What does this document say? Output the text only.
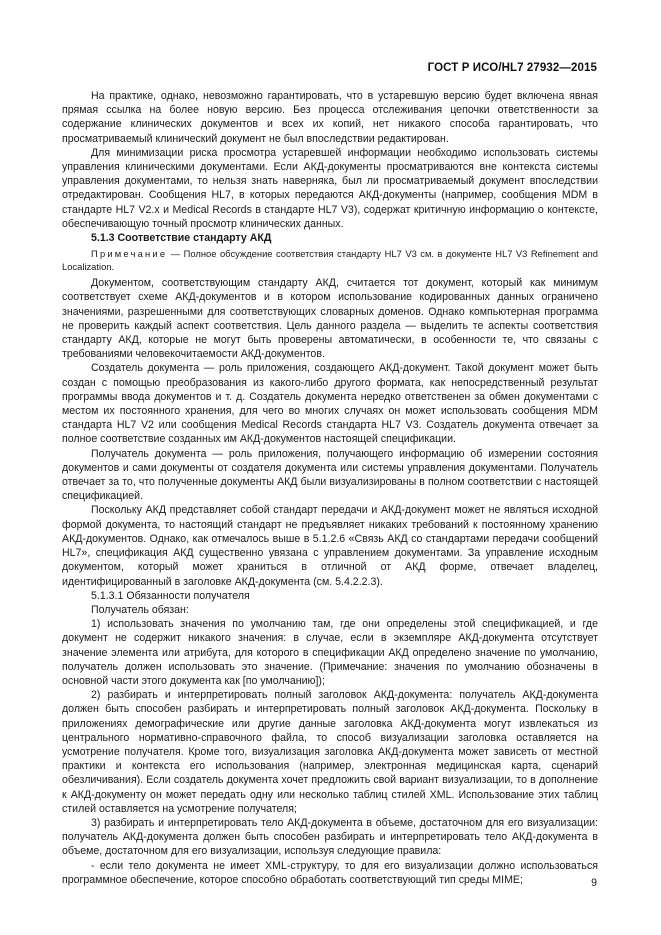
ГОСТ Р ИСО/HL7 27932—2015

На практике, однако, невозможно гарантировать, что в устаревшую версию будет включена явная прямая ссылка на более новую версию. Без процесса отслеживания цепочки ответственности за содержание клинических документов и всех их копий, нет никакого способа гарантировать, что просматриваемый клинический документ не был впоследствии редактирован.

Для минимизации риска просмотра устаревшей информации необходимо использовать системы управления клиническими документами. Если АКД-документы просматриваются вне контекста системы управления документами, то нельзя знать наверняка, был ли просматриваемый документ впоследствии отредактирован. Сообщения HL7, в которых передаются АКД-документы (например, сообщения MDM в стандарте HL7 V2.x и Medical Records в стандарте HL7 V3), содержат критичную информацию о контексте, обеспечивающую точный просмотр клинических данных.

5.1.3 Соответствие стандарту АКД

Примечание — Полное обсуждение соответствия стандарту HL7 V3 см. в документе HL7 V3 Refinement and Localization.

Документом, соответствующим стандарту АКД, считается тот документ, который как минимум соответствует схеме АКД-документов и в котором использование кодированных данных ограничено значениями, разрешенными для соответствующих словарных доменов. Однако компьютерная программа не проверить каждый аспект соответствия. Цель данного раздела — выделить те аспекты соответствия стандарту АКД, которые не могут быть проверены автоматически, в особенности те, что связаны с требованиями человекочитаемости АКД-документов.

Создатель документа — роль приложения, создающего АКД-документ. Такой документ может быть создан с помощью преобразования из какого-либо другого формата, как непосредственный результат программы ввода документов и т. д. Создатель документа нередко ответственен за обмен документами с местом их постоянного хранения, для чего во многих случаях он может использовать сообщения MDM стандарта HL7 V2 или сообщения Medical Records стандарта HL7 V3. Создатель документа отвечает за полное соответствие созданных им АКД-документов настоящей спецификации.

Получатель документа — роль приложения, получающего информацию об измерении состояния документов и сами документы от создателя документа или системы управления документами. Получатель отвечает за то, что полученные документы АКД были визуализированы в полном соответствии с настоящей спецификацией.

Поскольку АКД представляет собой стандарт передачи и АКД-документ может не являться исходной формой документа, то настоящий стандарт не предъявляет никаких требований к постоянному хранению АКД-документов. Однако, как отмечалось выше в 5.1.2.6 «Связь АКД со стандартами передачи сообщений HL7», спецификация АКД существенно увязана с управлением документами. За управление исходным документом, который может храниться в отличной от АКД форме, отвечает владелец, идентифицированный в заголовке АКД-документа (см. 5.4.2.2.3).

5.1.3.1 Обязанности получателя

Получатель обязан:

1) использовать значения по умолчанию там, где они определены этой спецификацией, и где документ не содержит никакого значения: в случае, если в экземпляре АКД-документа отсутствует значение элемента или атрибута, для которого в спецификации АКД определено значение по умолчанию, получатель должен использовать это значение. (Примечание: значения по умолчанию обозначены в основной части этого документа как [по умолчанию]);

2) разбирать и интерпретировать полный заголовок АКД-документа: получатель АКД-документа должен быть способен разбирать и интерпретировать полный заголовок АКД-документа. Поскольку в приложениях демографические или другие данные заголовка АКД-документа могут извлекаться из центрального нормативно-справочного файла, то способ визуализации заголовка оставляется на усмотрение получателя. Кроме того, визуализация заголовка АКД-документа может зависеть от местной практики и контекста его использования (например, электронная медицинская карта, сценарий обезличивания). Если создатель документа хочет предложить свой вариант визуализации, то в дополнение к АКД-документу он может передать одну или несколько таблиц стилей XML. Использование этих таблиц стилей оставляется на усмотрение получателя;

3) разбирать и интерпретировать тело АКД-документа в объеме, достаточном для его визуализации: получатель АКД-документа должен быть способен разбирать и интерпретировать тело АКД-документа в объеме, достаточном для его визуализации, используя следующие правила:

- если тело документа не имеет XML-структуру, то для его визуализации должно использоваться программное обеспечение, которое способно обработать соответствующий тип среды MIME;	9
